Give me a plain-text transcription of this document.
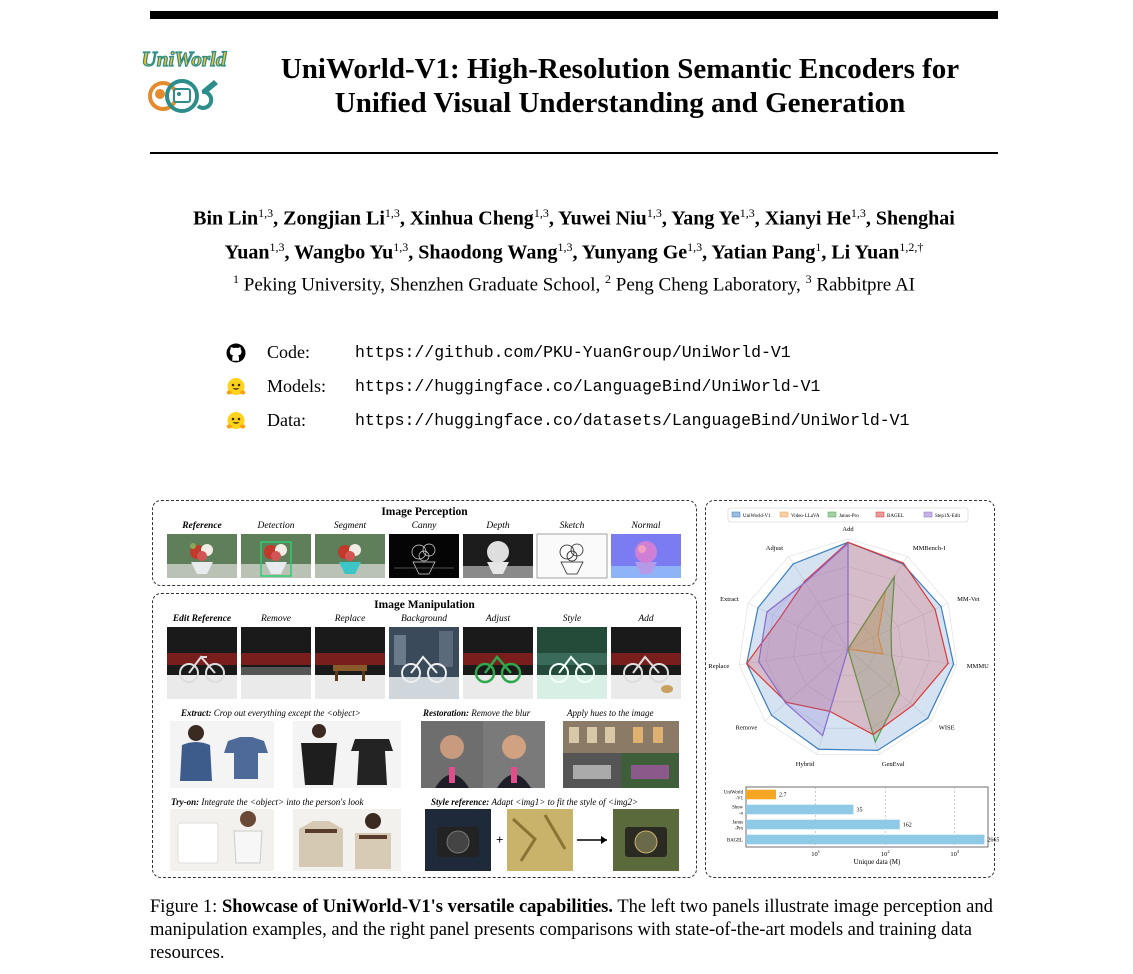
UniWorld	UniWorld-V1: High-Resolution Semantic Encoders for Unified Visual Understanding and Generation
Bin Lin$^{1,3}$, Zongjian Li$^{1,3}$, Xinhua Cheng$^{1,3}$, Yuwei Niu$^{1,3}$, Yang Ye$^{1,3}$, Xianyi He$^{1,3}$, Shenghai
Yuan$^{1,3}$, Wangbo Yu$^{1,3}$, Shaodong Wang$^{1,3}$, Yunyang Ge$^{1,3}$, Yatian Pang$^1$, Li Yuan$^{1,2,\dagger}$
$^1$ Peking University, Shenzhen Graduate School, $^2$ Peng Cheng Laboratory, $^3$ Rabbitpre AI
Code:	https://github.com/PKU-YuanGroup/UniWorld-V1
Models: https://huggingface.co/LanguageBind/UniWorld-V1
Data:	https://huggingface.co/datasets/LanguageBind/UniWorld-V1
Image Perception
Reference	Detection	Segment	Canny	Depth	Sketch	Normal
Image Manipulation
Edit Reference	Remove	Replace	Background	Adjust	Style	Add
Extract: Crop out everything except the <object>	Restoration: Remove the blur	Apply hues to the image
Try-on: Integrate the <object> into the person's look	Style reference: Adapt <img1> to fit the style of <img2>
+
UniWorld-V1	Video-LLaVA	Janus-Pro	BAGEL	Step1X-Edit
Add
MMBench-I
MM-Vet
MMMU
WISE
GenEval
Hybrid
Remove
Replace
Extract
Adjust
$10^1$	$10^2$	$10^3$
2.7
UniWorld
-V1
35
Show
-o
162
Janus
-Pro
2665
BAGEL
Unique data (M)
Figure 1: Showcase of UniWorld-V1's versatile capabilities. The left two panels illustrate image perception and manipulation examples, and the right panel presents comparisons with state-of-the-art models and training data resources.
